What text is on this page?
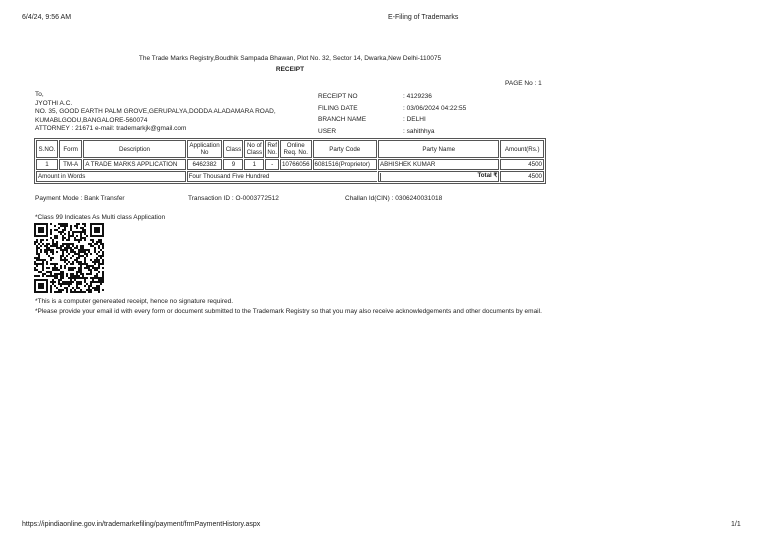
6/4/24, 9:56 AM	E-Filing of Trademarks
The Trade Marks Registry,Boudhik Sampada Bhawan, Plot No. 32, Sector 14, Dwarka,New Delhi-110075
RECEIPT
PAGE No : 1
To,
JYOTHI A.C.
NO. 35, GOOD EARTH PALM GROVE,GERUPALYA,DODDA ALADAMARA ROAD,
KUMABLGODU,BANGALORE-560074
ATTORNEY : 21671 e-mail: trademarkjk@gmail.com
RECEIPT NO	: 4129236
FILING DATE	: 03/06/2024 04:22:55
BRANCH NAME	: DELHI
USER	: sahithhya
S.NO.	Form	Description	Application No	Class	No of Class	Ref No.	Online Req. No.	Party Code	Party Name	Amount(Rs.)
1	TM-A	A TRADE MARKS APPLICATION	6462382	9	1	-	10766056	6081516(Proprietor)	ABHISHEK KUMAR	4500
Amount in Words			Four Thousand Five Hundred						Total ₹	4500
Payment Mode : Bank Transfer	Transaction ID : O-0003772512	Challan Id(CIN) : 0306240031018
*Class 99 Indicates As Multi class Application
*This is a computer genereated receipt, hence no signature required.
*Please provide your email id with every form or document submitted to the Trademark Registry so that you may also receive acknowledgements and other documents by email.
https://ipindiaonline.gov.in/trademarkefiling/payment/frmPaymentHistory.aspx	1/1
